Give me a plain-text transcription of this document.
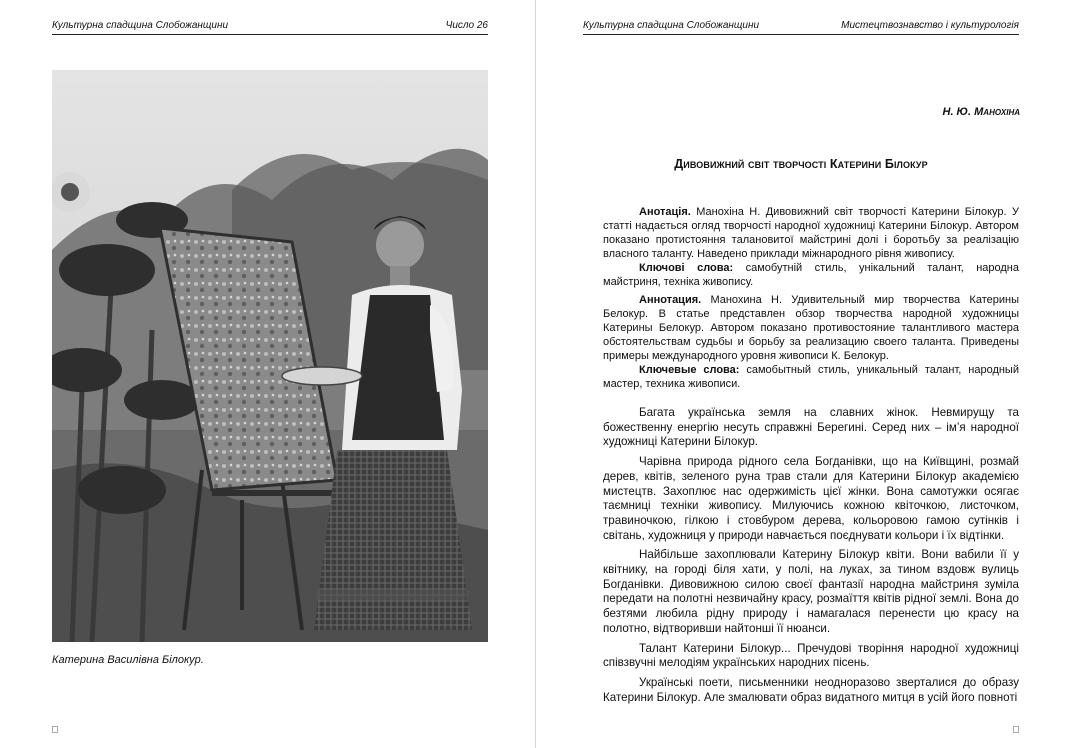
Культурна спадщина Слобожанщини	Число 26
Катерина Василівна Білокур.
Культурна спадщина Слобожанщини	Мистецтвознавство і культурологія
Н. Ю. Манохіна
Дивовижний світ творчості Катерини Білокур

Анотація. Манохіна Н. Дивовижний світ творчості Катерини Білокур. У статті надається огляд творчості народної художниці Катерини Білокур. Автором показано протистояння талановитої майстрині долі і боротьбу за реалізацію власного таланту. Наведено приклади міжнародного рівня живопису.

Ключові слова: самобутній стиль, унікальний талант, народна майстриня, техніка живопису.

Аннотация. Манохина Н. Удивительный мир творчества Катерины Белокур. В статье представлен обзор творчества народной художницы Катерины Белокур. Автором показано противостояние талантливого мастера обстоятельствам судьбы и борьбу за реализацию своего таланта. Приведены примеры международного уровня живописи К. Белокур.

Ключевые слова: самобытный стиль, уникальный талант, народный мастер, техника живописи.

Багата українська земля на славних жінок. Невмирущу та божественну енергію несуть справжні Берегині. Серед них – ім’я народної художниці Катерини Білокур.

Чарівна природа рідного села Богданівки, що на Київщині, розмай дерев, квітів, зеленого руна трав стали для Катерини Білокур академією мистецтв. Захоплює нас одержимість цієї жінки. Вона самотужки осягає таємниці техніки живопису. Милуючись кожною квіточкою, листочком, травиночкою, гілкою і стовбуром дерева, кольоровою гамою сутінків і світань, художниця у природи навчається поєднувати кольори і їх відтінки.

Найбільше захоплювали Катерину Білокур квіти. Вони вабили її у квітнику, на городі біля хати, у полі, на луках, за тином вздовж вулиць Богданівки. Дивовижною силою своєї фантазії народна майстриня зуміла передати на полотні незвичайну красу, розмаїття квітів рідної землі. Вона до безтями любила рідну природу і намагалася перенести цю красу на полотно, відтворивши найтонші її нюанси.

Талант Катерини Білокур... Пречудові творіння народної художниці співзвучні мелодіям українських народних пісень.

Українські поети, письменники неодноразово зверталися до образу Катерини Білокур. Але змалювати образ видатного митця в усій його повноті
